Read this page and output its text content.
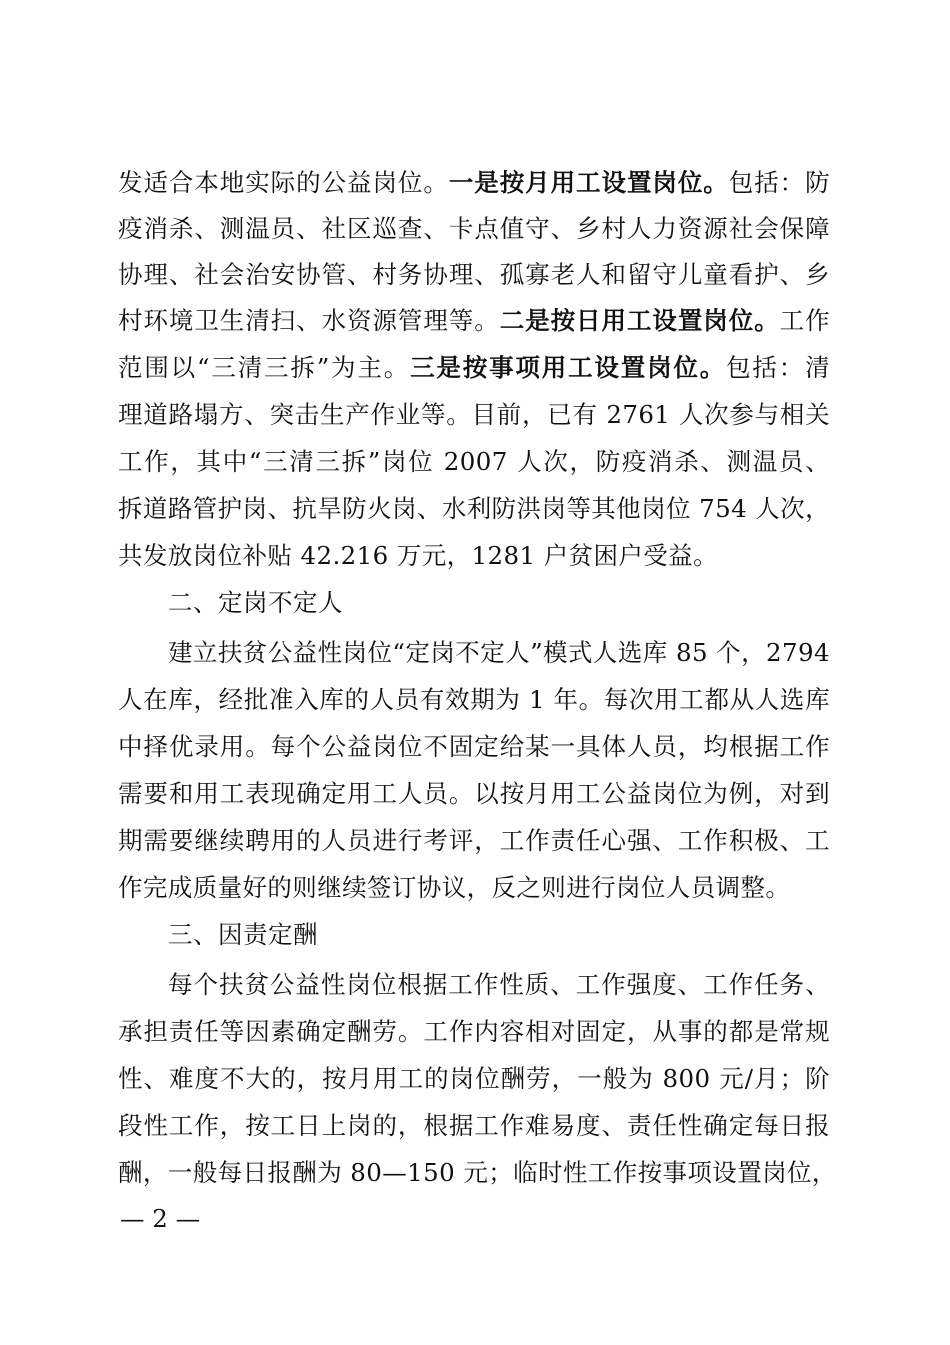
发适合本地实际的公益岗位。一是按月用工设置岗位。包括：防
疫消杀、测温员、社区巡查、卡点值守、乡村人力资源社会保障
协理、社会治安协管、村务协理、孤寡老人和留守儿童看护、乡
村环境卫生清扫、水资源管理等。二是按日用工设置岗位。工作
范围以“三清三拆”为主。三是按事项用工设置岗位。包括：清
理道路塌方、突击生产作业等。目前，已有 2761 人次参与相关
工作，其中“三清三拆”岗位 2007 人次，防疫消杀、测温员、
拆道路管护岗、抗旱防火岗、水利防洪岗等其他岗位 754 人次，
共发放岗位补贴 42.216 万元，1281 户贫困户受益。
二、定岗不定人
建立扶贫公益性岗位“定岗不定人”模式人选库 85 个，2794
人在库，经批准入库的人员有效期为 1 年。每次用工都从人选库
中择优录用。每个公益岗位不固定给某一具体人员，均根据工作
需要和用工表现确定用工人员。以按月用工公益岗位为例，对到
期需要继续聘用的人员进行考评，工作责任心强、工作积极、工
作完成质量好的则继续签订协议，反之则进行岗位人员调整。
三、因责定酬
每个扶贫公益性岗位根据工作性质、工作强度、工作任务、
承担责任等因素确定酬劳。工作内容相对固定，从事的都是常规
性、难度不大的，按月用工的岗位酬劳，一般为 800 元/月；阶
段性工作，按工日上岗的，根据工作难易度、责任性确定每日报
酬，一般每日报酬为 80—150 元；临时性工作按事项设置岗位，
— 2 —
